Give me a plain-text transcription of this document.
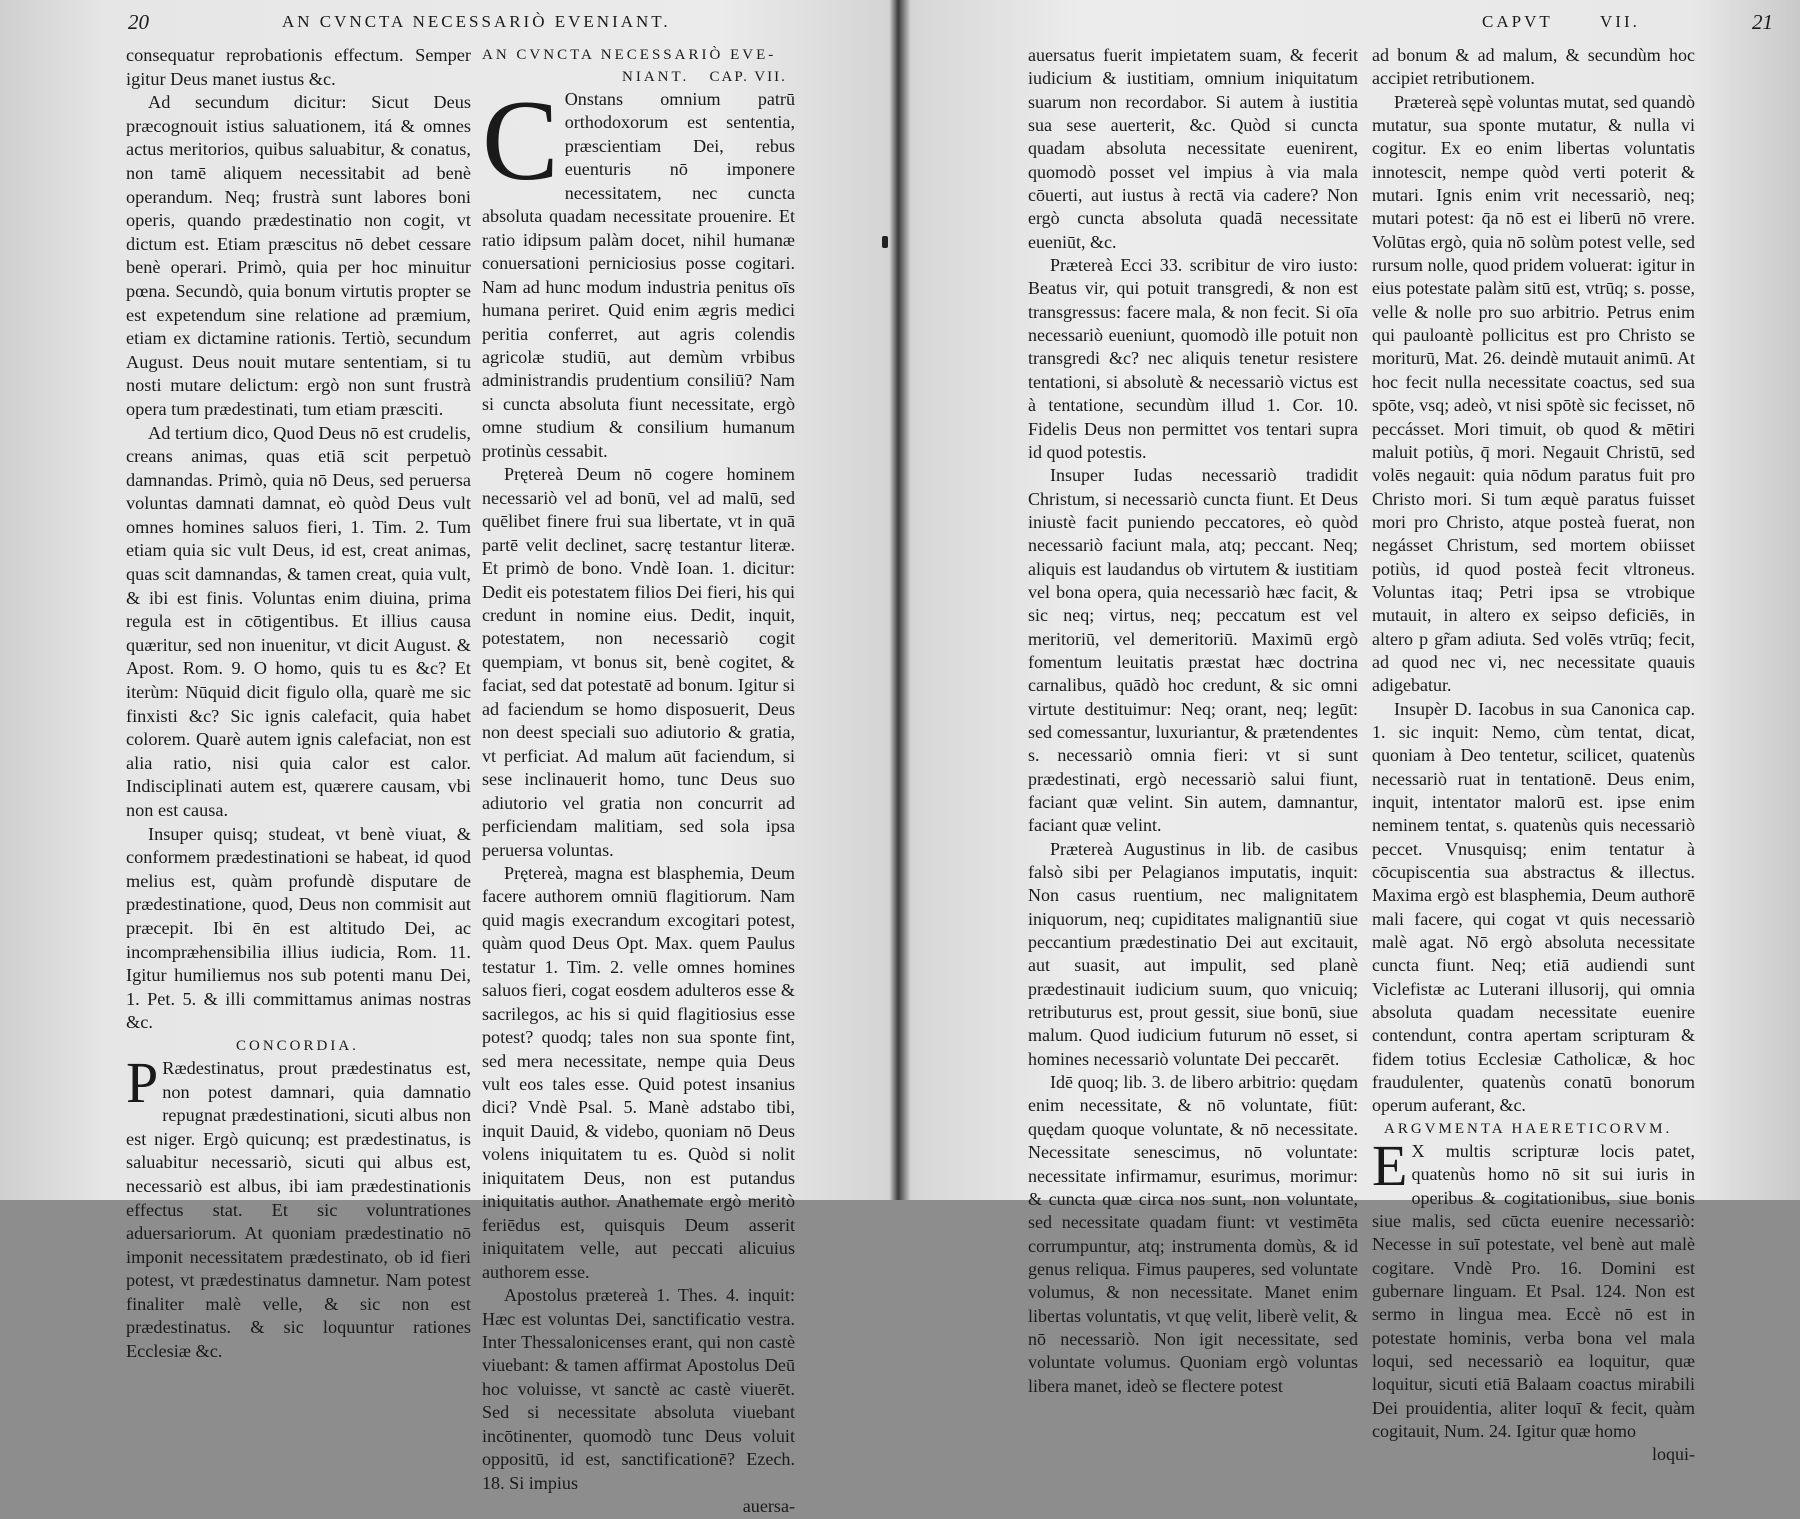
20	AN CVNCTA NECESSARIÒ EVENIANT.

consequatur reprobationis effectum. Semper igitur Deus manet iustus &c.

Ad secundum dicitur: Sicut Deus præcognouit istius saluationem, itá & omnes actus meritorios, quibus saluabitur, & conatus, non tamē aliquem necessitabit ad benè operandum. Neq; frustrà sunt labores boni operis, quando prædestinatio non cogit, vt dictum est. Etiam præscitus nō debet cessare benè operari. Primò, quia per hoc minuitur pœna. Secundò, quia bonum virtutis propter se est expetendum sine relatione ad præmium, etiam ex dictamine rationis. Tertiò, secundum August. Deus nouit mutare sententiam, si tu nosti mutare delictum: ergò non sunt frustrà opera tum prædestinati, tum etiam præsciti.

Ad tertium dico, Quod Deus nō est crudelis, creans animas, quas etiā scit perpetuò damnandas. Primò, quia nō Deus, sed peruersa voluntas damnati damnat, eò quòd Deus vult omnes homines saluos fieri, 1. Tim. 2. Tum etiam quia sic vult Deus, id est, creat animas, quas scit damnandas, & tamen creat, quia vult, & ibi est finis. Voluntas enim diuina, prima regula est in cōtigentibus. Et illius causa quæritur, sed non inuenitur, vt dicit August. & Apost. Rom. 9. O homo, quis tu es &c? Et iterùm: Nūquid dicit figulo olla, quarè me sic finxisti &c? Sic ignis calefacit, quia habet colorem. Quarè autem ignis calefaciat, non est alia ratio, nisi quia calor est calor. Indisciplinati autem est, quærere causam, vbi non est causa.

Insuper quisq; studeat, vt benè viuat, & conformem prædestinationi se habeat, id quod melius est, quàm profundè disputare de prædestinatione, quod, Deus non commisit aut præcepit. Ibi ēn est altitudo Dei, ac incompræhensibilia illius iudicia, Rom. 11. Igitur humiliemus nos sub potenti manu Dei, 1. Pet. 5. & illi committamus animas nostras &c.

CONCORDIA.

P Rædestinatus, prout prædestinatus est, non potest damnari, quia damnatio repugnat prædestinationi, sicuti albus non est niger. Ergò quicunq; est prædestinatus, is saluabitur necessariò, sicuti qui albus est, necessariò est albus, ibi iam prædestinationis effectus stat. Et sic voluntrationes aduersariorum. At quoniam prædestinatio nō imponit necessitatem prædestinato, ob id fieri potest, vt prædestinatus damnetur. Nam potest finaliter malè velle, & sic non est prædestinatus. & sic loquuntur rationes Ecclesiæ &c.

AN CVNCTA NECESSARIÒ EVE-

NIANT. CAP. VII.

C Onstans omnium patrū orthodoxorum est sententia, præscientiam Dei, rebus euenturis nō imponere necessitatem, nec cuncta absoluta quadam necessitate prouenire. Et ratio idipsum palàm docet, nihil humanæ conuersationi perniciosius posse cogitari. Nam ad hunc modum industria penitus oīs humana periret. Quid enim ægris medici peritia conferret, aut agris colendis agricolæ studiū, aut demùm vrbibus administrandis prudentium consiliū? Nam si cuncta absoluta fiunt necessitate, ergò omne studium & consilium humanum protinùs cessabit.

Prętereà Deum nō cogere hominem necessariò vel ad bonū, vel ad malū, sed quēlibet finere frui sua libertate, vt in quā partē velit declinet, sacrę testantur literæ. Et primò de bono. Vndè Ioan. 1. dicitur: Dedit eis potestatem filios Dei fieri, his qui credunt in nomine eius. Dedit, inquit, potestatem, non necessariò cogit quempiam, vt bonus sit, benè cogitet, & faciat, sed dat potestatē ad bonum. Igitur si ad faciendum se homo disposuerit, Deus non deest speciali suo adiutorio & gratia, vt perficiat. Ad malum aūt faciendum, si sese inclinauerit homo, tunc Deus suo adiutorio vel gratia non concurrit ad perficiendam malitiam, sed sola ipsa peruersa voluntas.

Prętereà, magna est blasphemia, Deum facere authorem omniū flagitiorum. Nam quid magis execrandum excogitari potest, quàm quod Deus Opt. Max. quem Paulus testatur 1. Tim. 2. velle omnes homines saluos fieri, cogat eosdem adulteros esse & sacrilegos, ac his si quid flagitiosius esse potest? quodq; tales non sua sponte fint, sed mera necessitate, nempe quia Deus vult eos tales esse. Quid potest insanius dici? Vndè Psal. 5. Manè adstabo tibi, inquit Dauid, & videbo, quoniam nō Deus volens iniquitatem tu es. Quòd si nolit iniquitatem Deus, non est putandus iniquitatis author. Anathemate ergò meritò feriēdus est, quisquis Deum asserit iniquitatem velle, aut peccati alicuius authorem esse.

Apostolus prætereà 1. Thes. 4. inquit: Hæc est voluntas Dei, sanctificatio vestra. Inter Thessalonicenses erant, qui non castè viuebant: & tamen affirmat Apostolus Deū hoc voluisse, vt sanctè ac castè viuerēt. Sed si necessitate absoluta viuebant incōtinenter, quomodò tunc Deus voluit oppositū, id est, sanctificationē? Ezech. 18. Si impius

auersa-

CAPVT	VII.	21

auersatus fuerit impietatem suam, & fecerit iudicium & iustitiam, omnium iniquitatum suarum non recordabor. Si autem à iustitia sua sese auerterit, &c. Quòd si cuncta quadam absoluta necessitate euenirent, quomodò posset vel impius à via mala cōuerti, aut iustus à rectā via cadere? Non ergò cuncta absoluta quadā necessitate eueniūt, &c.

Prætereà Ecci 33. scribitur de viro iusto: Beatus vir, qui potuit transgredi, & non est transgressus: facere mala, & non fecit. Si oīa necessariò eueniunt, quomodò ille potuit non transgredi &c? nec aliquis tenetur resistere tentationi, si absolutè & necessariò victus est à tentatione, secundùm illud 1. Cor. 10. Fidelis Deus non permittet vos tentari supra id quod potestis.

Insuper Iudas necessariò tradidit Christum, si necessariò cuncta fiunt. Et Deus iniustè facit puniendo peccatores, eò quòd necessariò faciunt mala, atq; peccant. Neq; aliquis est laudandus ob virtutem & iustitiam vel bona opera, quia necessariò hæc facit, & sic neq; virtus, neq; peccatum est vel meritoriū, vel demeritoriū. Maximū ergò fomentum leuitatis præstat hæc doctrina carnalibus, quādò hoc credunt, & sic omni virtute destituimur: Neq; orant, neq; legūt: sed comessantur, luxuriantur, & prætendentes s. necessariò omnia fieri: vt si sunt prædestinati, ergò necessariò salui fiunt, faciant quæ velint. Sin autem, damnantur, faciant quæ velint.

Prætereà Augustinus in lib. de casibus falsò sibi per Pelagianos imputatis, inquit: Non casus ruentium, nec malignitatem iniquorum, neq; cupiditates malignantiū siue peccantium prædestinatio Dei aut excitauit, aut suasit, aut impulit, sed planè prædestinauit iudicium suum, quo vnicuiq; retributurus est, prout gessit, siue bonū, siue malum. Quod iudicium futurum nō esset, si homines necessariò voluntate Dei peccarēt.

Idē quoq; lib. 3. de libero arbitrio: quędam enim necessitate, & nō voluntate, fiūt: quędam quoque voluntate, & nō necessitate. Necessitate senescimus, nō voluntate: necessitate infirmamur, esurimus, morimur: & cuncta quæ circa nos sunt, non voluntate, sed necessitate quadam fiunt: vt vestimēta corrumpuntur, atq; instrumenta domùs, & id genus reliqua. Fimus pauperes, sed voluntate volumus, & non necessitate. Manet enim libertas voluntatis, vt quę velit, liberè velit, & nō necessariò. Non igit necessitate, sed voluntate volumus. Quoniam ergò voluntas libera manet, ideò se flectere potest

ad bonum & ad malum, & secundùm hoc accipiet retributionem.

Prætereà sępè voluntas mutat, sed quandò mutatur, sua sponte mutatur, & nulla vi cogitur. Ex eo enim libertas voluntatis innotescit, nempe quòd verti poterit & mutari. Ignis enim vrit necessariò, neq; mutari potest: q̄a nō est ei liberū nō vrere. Volūtas ergò, quia nō solùm potest velle, sed rursum nolle, quod pridem voluerat: igitur in eius potestate palàm sitū est, vtrūq; s. posse, velle & nolle pro suo arbitrio. Petrus enim qui pauloantè pollicitus est pro Christo se moriturū, Mat. 26. deindè mutauit animū. At hoc fecit nulla necessitate coactus, sed sua spōte, vsq; adeò, vt nisi spōtè sic fecisset, nō peccásset. Mori timuit, ob quod & mētiri maluit potiùs, q̄ mori. Negauit Christū, sed volēs negauit: quia nōdum paratus fuit pro Christo mori. Si tum æquè paratus fuisset mori pro Christo, atque posteà fuerat, non negásset Christum, sed mortem obiisset potiùs, id quod posteà fecit vltroneus. Voluntas itaq; Petri ipsa se vtrobique mutauit, in altero ex seipso deficiēs, in altero p gr̃am adiuta. Sed volēs vtrūq; fecit, ad quod nec vi, nec necessitate quauis adigebatur.

Insupèr D. Iacobus in sua Canonica cap. 1. sic inquit: Nemo, cùm tentat, dicat, quoniam à Deo tentetur, scilicet, quatenùs necessariò ruat in tentationē. Deus enim, inquit, intentator malorū est. ipse enim neminem tentat, s. quatenùs quis necessariò peccet. Vnusquisq; enim tentatur à cōcupiscentia sua abstractus & illectus. Maxima ergò est blasphemia, Deum authorē mali facere, qui cogat vt quis necessariò malè agat. Nō ergò absoluta necessitate cuncta fiunt. Neq; etiā audiendi sunt Viclefistæ ac Luterani illusorij, qui omnia absoluta quadam necessitate euenire contendunt, contra apertam scripturam & fidem totius Ecclesiæ Catholicæ, & hoc fraudulenter, quatenùs conatū bonorum operum auferant, &c.

ARGVMENTA HAERETICORVM.

E X multis scripturæ locis patet, quatenùs homo nō sit sui iuris in operibus & cogitationibus, siue bonis siue malis, sed cūcta euenire necessariò: Necesse in suī potestate, vel benè aut malè cogitare. Vndè Pro. 16. Domini est gubernare linguam. Et Psal. 124. Non est sermo in lingua mea. Eccè nō est in potestate hominis, verba bona vel mala loqui, sed necessariò ea loquitur, quæ loquitur, sicuti etiā Balaam coactus mirabili Dei prouidentia, aliter loquī & fecit, quàm cogitauit, Num. 24. Igitur quæ homo

loqui-
